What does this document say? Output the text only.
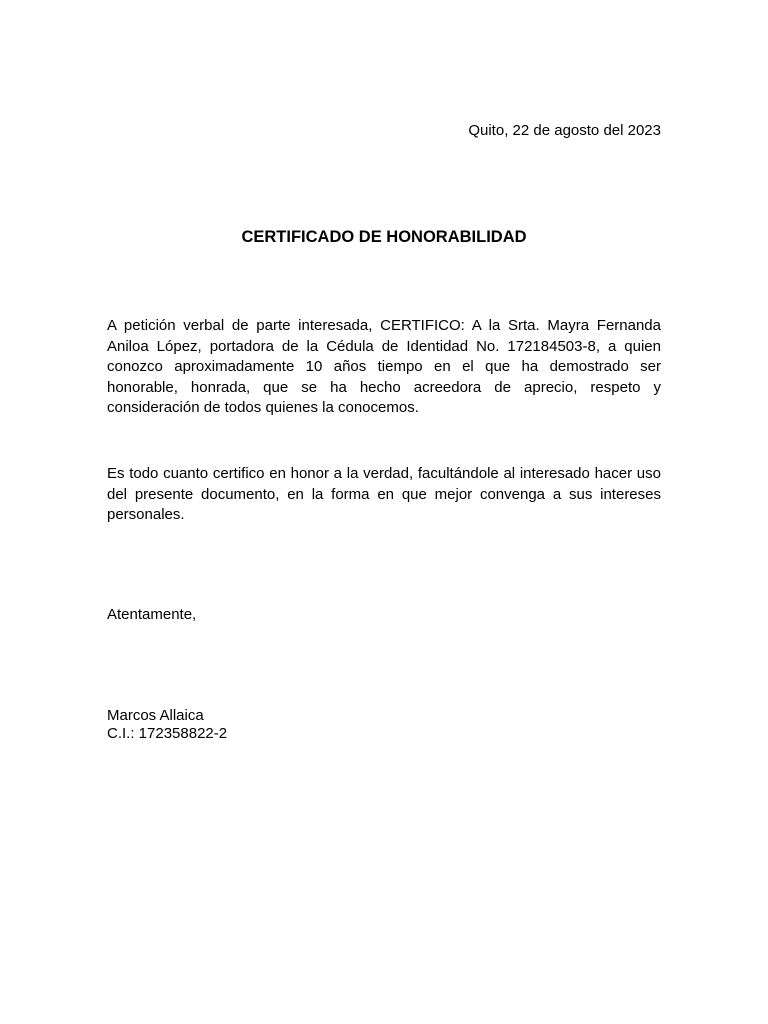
Quito, 22 de agosto del 2023
CERTIFICADO DE HONORABILIDAD
A petición verbal de parte interesada, CERTIFICO: A la Srta. Mayra Fernanda Aniloa López, portadora de la Cédula de Identidad No. 172184503-8, a quien conozco aproximadamente 10 años tiempo en el que ha demostrado ser honorable, honrada, que se ha hecho acreedora de aprecio, respeto y consideración de todos quienes la conocemos.
Es todo cuanto certifico en honor a la verdad, facultándole al interesado hacer uso del presente documento, en la forma en que mejor convenga a sus intereses personales.
Atentamente,
Marcos Allaica
C.I.: 172358822-2
